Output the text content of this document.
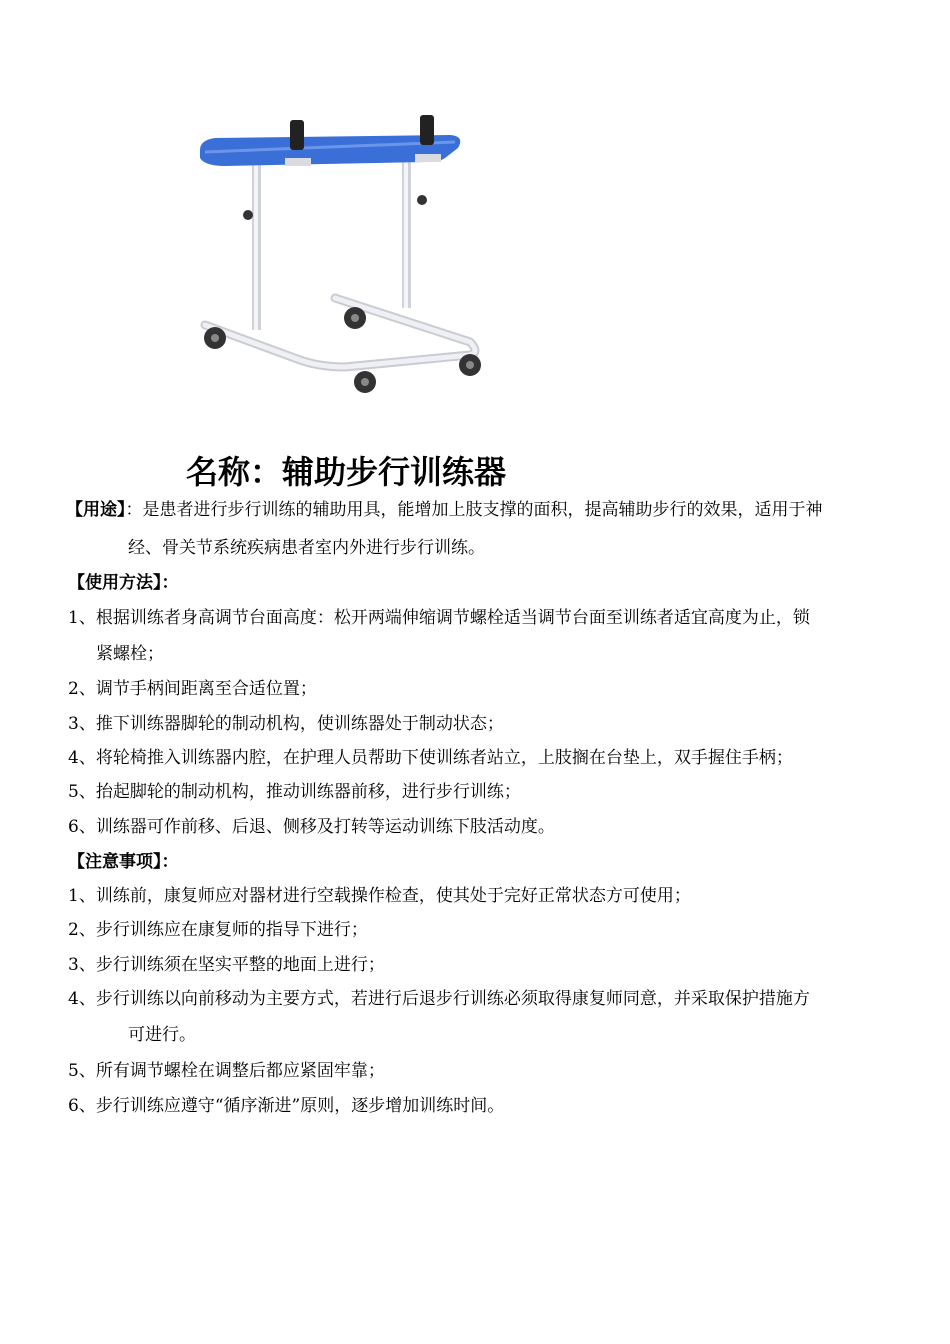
名称：辅助步行训练器
【用途】：是患者进行步行训练的辅助用具，能增加上肢支撑的面积，提高辅助步行的效果，适用于神
经、骨关节系统疾病患者室内外进行步行训练。
【使用方法】：
1、根据训练者身高调节台面高度：松开两端伸缩调节螺栓适当调节台面至训练者适宜高度为止，锁
紧螺栓；
2、调节手柄间距离至合适位置；
3、推下训练器脚轮的制动机构，使训练器处于制动状态；
4、将轮椅推入训练器内腔，在护理人员帮助下使训练者站立，上肢搁在台垫上，双手握住手柄；
5、抬起脚轮的制动机构，推动训练器前移，进行步行训练；
6、训练器可作前移、后退、侧移及打转等运动训练下肢活动度。
【注意事项】：
1、训练前，康复师应对器材进行空载操作检查，使其处于完好正常状态方可使用；
2、步行训练应在康复师的指导下进行；
3、步行训练须在坚实平整的地面上进行；
4、步行训练以向前移动为主要方式，若进行后退步行训练必须取得康复师同意，并采取保护措施方
可进行。
5、所有调节螺栓在调整后都应紧固牢靠；
6、步行训练应遵守“循序渐进”原则，逐步增加训练时间。
